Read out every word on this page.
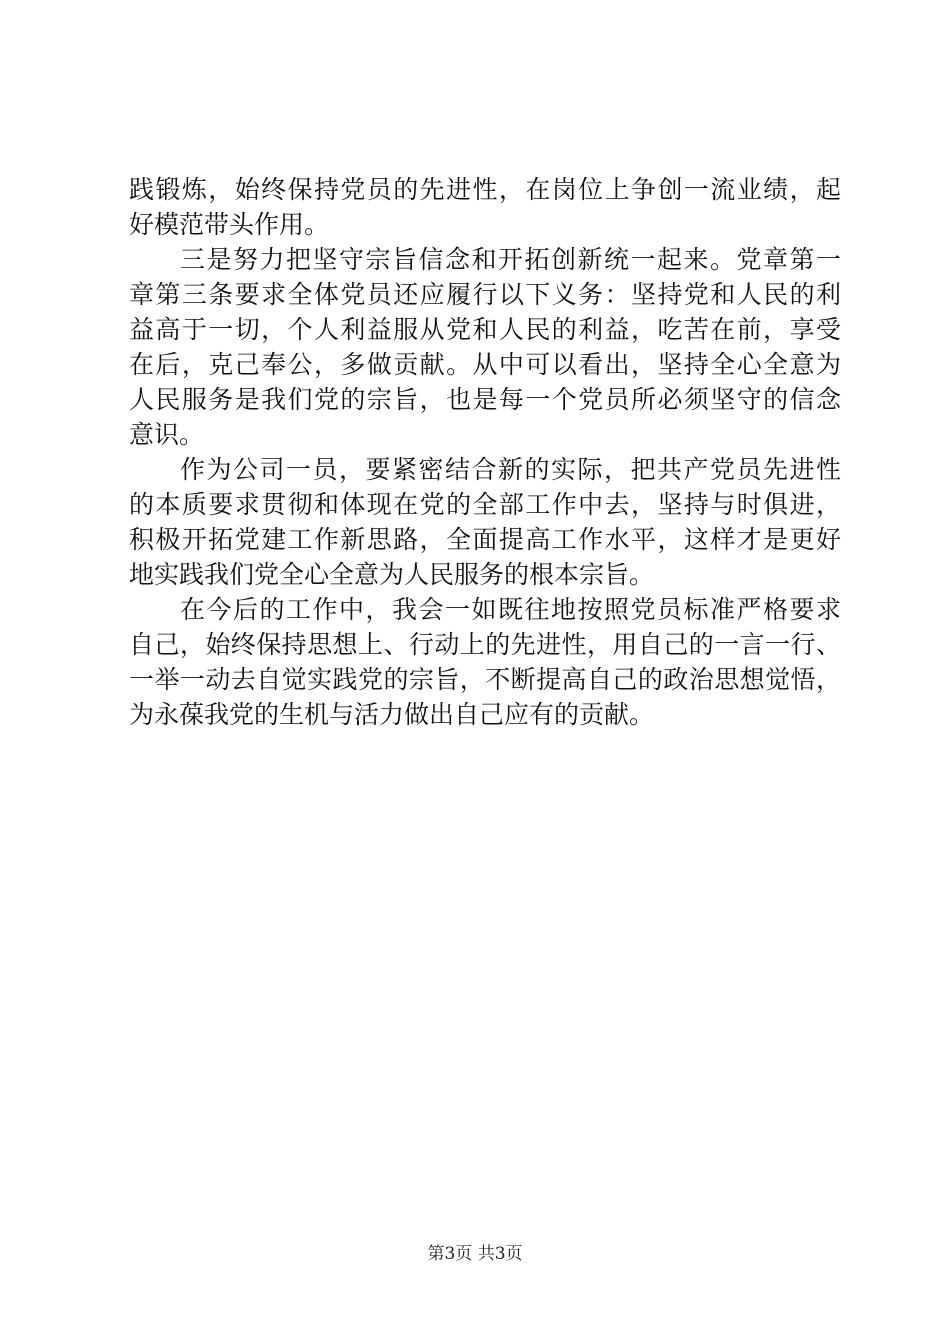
践锻炼，始终保持党员的先进性，在岗位上争创一流业绩，起
好模范带头作用。
三是努力把坚守宗旨信念和开拓创新统一起来。党章第一
章第三条要求全体党员还应履行以下义务：坚持党和人民的利
益高于一切，个人利益服从党和人民的利益，吃苦在前，享受
在后，克己奉公，多做贡献。从中可以看出，坚持全心全意为
人民服务是我们党的宗旨，也是每一个党员所必须坚守的信念
意识。
作为公司一员，要紧密结合新的实际，把共产党员先进性
的本质要求贯彻和体现在党的全部工作中去，坚持与时俱进，
积极开拓党建工作新思路，全面提高工作水平，这样才是更好
地实践我们党全心全意为人民服务的根本宗旨。
在今后的工作中，我会一如既往地按照党员标准严格要求
自己，始终保持思想上、行动上的先进性，用自己的一言一行、
一举一动去自觉实践党的宗旨，不断提高自己的政治思想觉悟，
为永葆我党的生机与活力做出自己应有的贡献。
第3页 共3页
